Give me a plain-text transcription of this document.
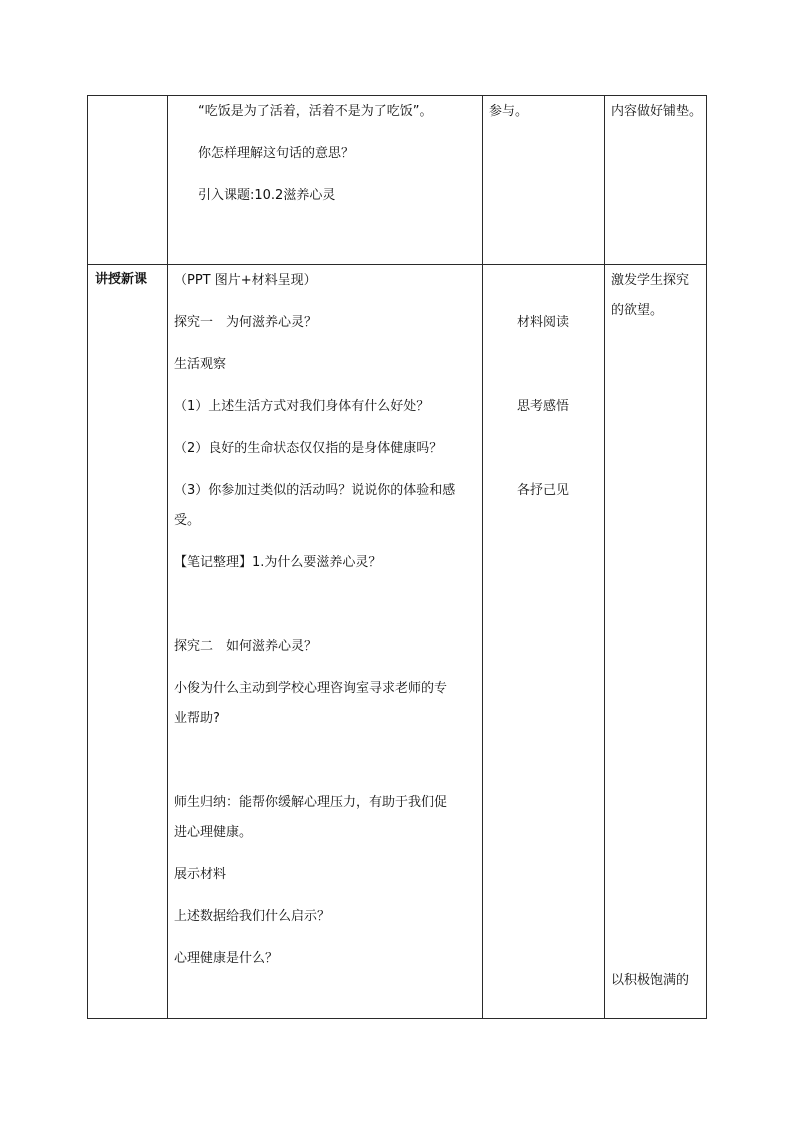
“吃饭是为了活着，活着不是为了吃饭”。
你怎样理解这句话的意思？
引入课题:10.2滋养心灵
参与。	内容做好铺垫。
讲授新课 （PPT 图片+材料呈现）
探究一　为何滋养心灵？
生活观察
（1）上述生活方式对我们身体有什么好处？
（2）良好的生命状态仅仅指的是身体健康吗？
（3）你参加过类似的活动吗？说说你的体验和感
受。
【笔记整理】1.为什么要滋养心灵？
探究二　如何滋养心灵？
小俊为什么主动到学校心理咨询室寻求老师的专
业帮助?
师生归纳：能帮你缓解心理压力，有助于我们促
进心理健康。
展示材料
上述数据给我们什么启示？
心理健康是什么？
材料阅读
思考感悟
各抒己见
激发学生探究
的欲望。
以积极饱满的
